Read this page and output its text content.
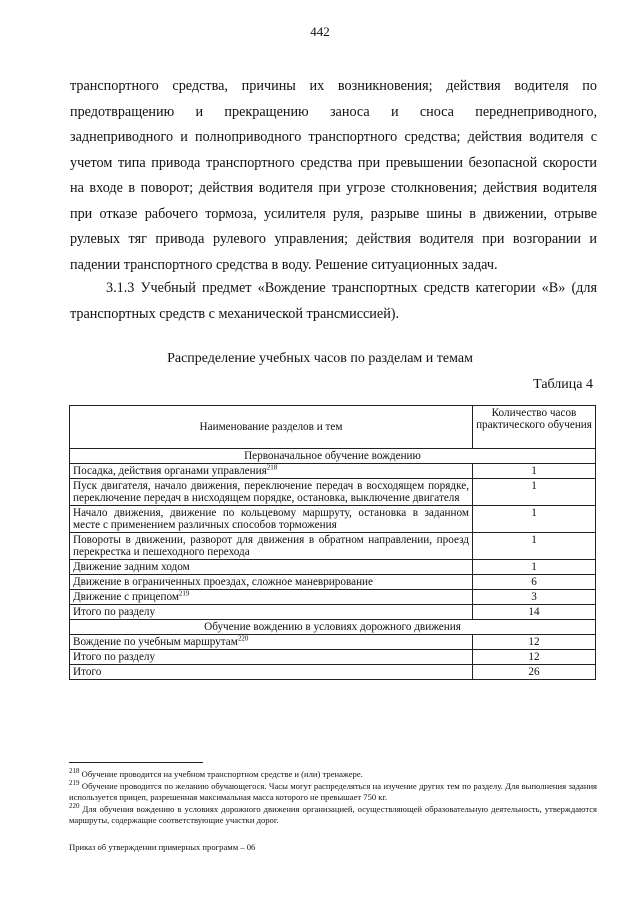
442

транспортного средства, причины их возникновения; действия водителя по
предотвращению и прекращению заноса и сноса переднеприводного,
заднеприводного и полноприводного транспортного средства; действия водителя с
учетом типа привода транспортного средства при превышении безопасной скорости
на входе в поворот; действия водителя при угрозе столкновения; действия водителя
при отказе рабочего тормоза, усилителя руля, разрыве шины в движении, отрыве
рулевых тяг привода рулевого управления; действия водителя при возгорании и
падении транспортного средства в воду. Решение ситуационных задач.

3.1.3 Учебный предмет «Вождение транспортных средств категории «В» (для транспортных средств с механической трансмиссией).

Распределение учебных часов по разделам и темам
Таблица 4
Наименование разделов и тем	Количество часов практического обучения
Первоначальное обучение вождению	
Посадка, действия органами управления$^{218}$	1
Пуск двигателя, начало движения, переключение передач в восходящем порядке, переключение передач в нисходящем порядке, остановка, выключение двигателя	1
Начало движения, движение по кольцевому маршруту, остановка в заданном месте с применением различных способов торможения	1
Повороты в движении, разворот для движения в обратном направлении, проезд перекрестка и пешеходного перехода	1
Движение задним ходом	1
Движение в ограниченных проездах, сложное маневрирование	6
Движение с прицепом$^{219}$	3
Итого по разделу	14
Обучение вождению в условиях дорожного движения	
Вождение по учебным маршрутам$^{220}$	12
Итого по разделу	12
Итого	26

$^{218}$ Обучение проводится на учебном транспортном средстве и (или) тренажере.

$^{219}$ Обучение проводится по желанию обучающегося. Часы могут распределяться на изучение других тем по разделу. Для выполнения задания используется прицеп, разрешенная максимальная масса которого не превышает 750 кг.

$^{220}$ Для обучения вождению в условиях дорожного движения организацией, осуществляющей образовательную деятельность, утверждаются маршруты, содержащие соответствующие участки дорог.

Приказ об утверждении примерных программ – 06
